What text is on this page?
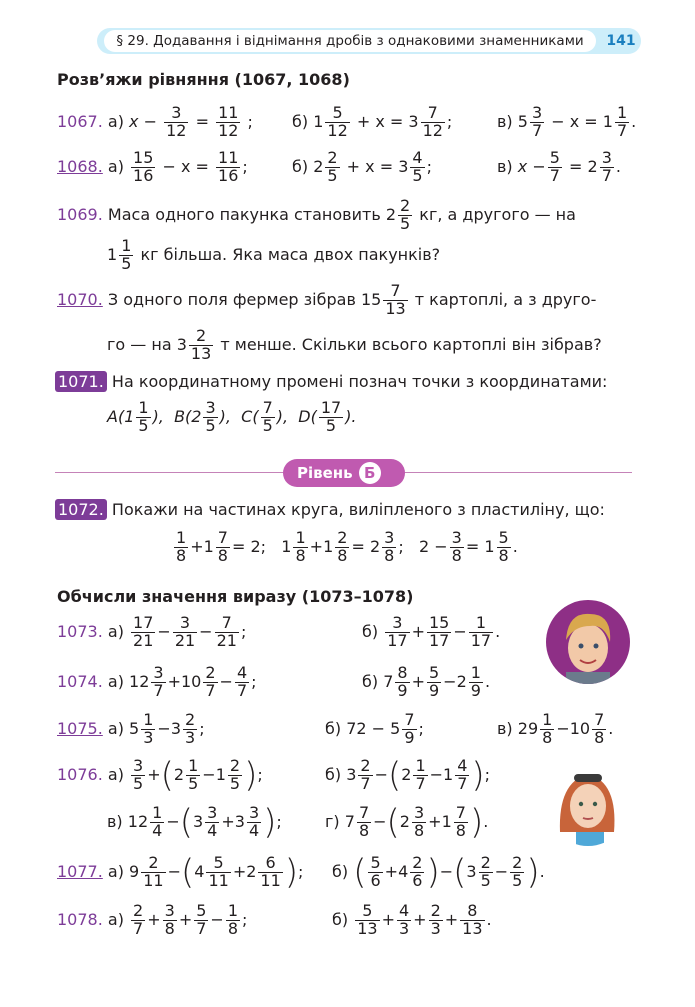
§ 29. Додавання і віднімання дробів з однаковими знаменниками	141
Розв’яжи рівняння (1067, 1068)
1067. а) $x - \frac{3}{12} = \frac{11}{12}$ ; б) $1 \frac{5}{12} + x = 3 \frac{7}{12}$ ;	в) $5 \frac{3}{7} - x = 1 \frac{1}{7}$ .
1068. $а) \frac{15}{16} - x = \frac{11}{16}$ ;	б) $2 \frac{2}{5} + x = 3 \frac{4}{5}$ ;	в) $x - \frac{5}{7} = 2 \frac{3}{7}$ .
1069. Маса одного пакунка становить $2 \frac{2}{5}$ кг, а другого — на
$1 \frac{1}{5}$ кг більша. Яка маса двох пакунків?
1070. З одного поля фермер зібрав $15 \frac{7}{13}$ т картоплі, а з друго-
го — на $3 \frac{2}{13}$ т менше. Скільки всього картоплі він зібрав?
1071. На координатному промені познач точки з координатами:
$A(1 \frac{1}{5}$ ), $B(2 \frac{3}{5}$ ), $C( \frac{7}{5}$ ), $D( \frac{17}{5}$ ).
Рівень Б
1072. Покажи на частинах круга, виліпленого з пластиліну, що:
$\frac{1}{8} +1 \frac{7}{8} = 2$; $1 \frac{1}{8} +1 \frac{2}{8} = 2 \frac{3}{8}$ ; $2 - \frac{3}{8} = 1 \frac{5}{8}$ .
Обчисли значення виразу (1073–1078)
1073. $а) \frac{17}{21} - \frac{3}{21} - \frac{7}{21}$ ;	$б) \frac{3}{17} + \frac{15}{17} - \frac{1}{17}$ .
1074. а) $12 \frac{3}{7} +10 \frac{2}{7} - \frac{4}{7}$ ;	б) $7 \frac{8}{9} + \frac{5}{9} -2 \frac{1}{9}$ .
1075. а) $5 \frac{1}{3} -3 \frac{2}{3}$ ;	б) $72 - 5 \frac{7}{9}$ ;	в) $29 \frac{1}{8} -10 \frac{7}{8}$ .
1076. $а) \frac{3}{5} +(2 \frac{1}{5} -1 \frac{2}{5}$ );	б) $3 \frac{2}{7} -(2 \frac{1}{7} -1 \frac{4}{7}$ );
в) $12 \frac{1}{4} -(3 \frac{3}{4} +3 \frac{3}{4}$ );	г) $7 \frac{7}{8} -(2 \frac{3}{8} +1 \frac{7}{8}$ ).
1077. а) $9 \frac{2}{11} -(4 \frac{5}{11} +2 \frac{6}{11}$ ); б) ( $\frac{5}{6} +4 \frac{2}{6} )-(3 \frac{2}{5} - \frac{2}{5}$ ).
1078. $а) \frac{2}{7} + \frac{3}{8} + \frac{5}{7} - \frac{1}{8}$ ;	$б) \frac{5}{13} + \frac{4}{3} + \frac{2}{3} + \frac{8}{13}$ .
